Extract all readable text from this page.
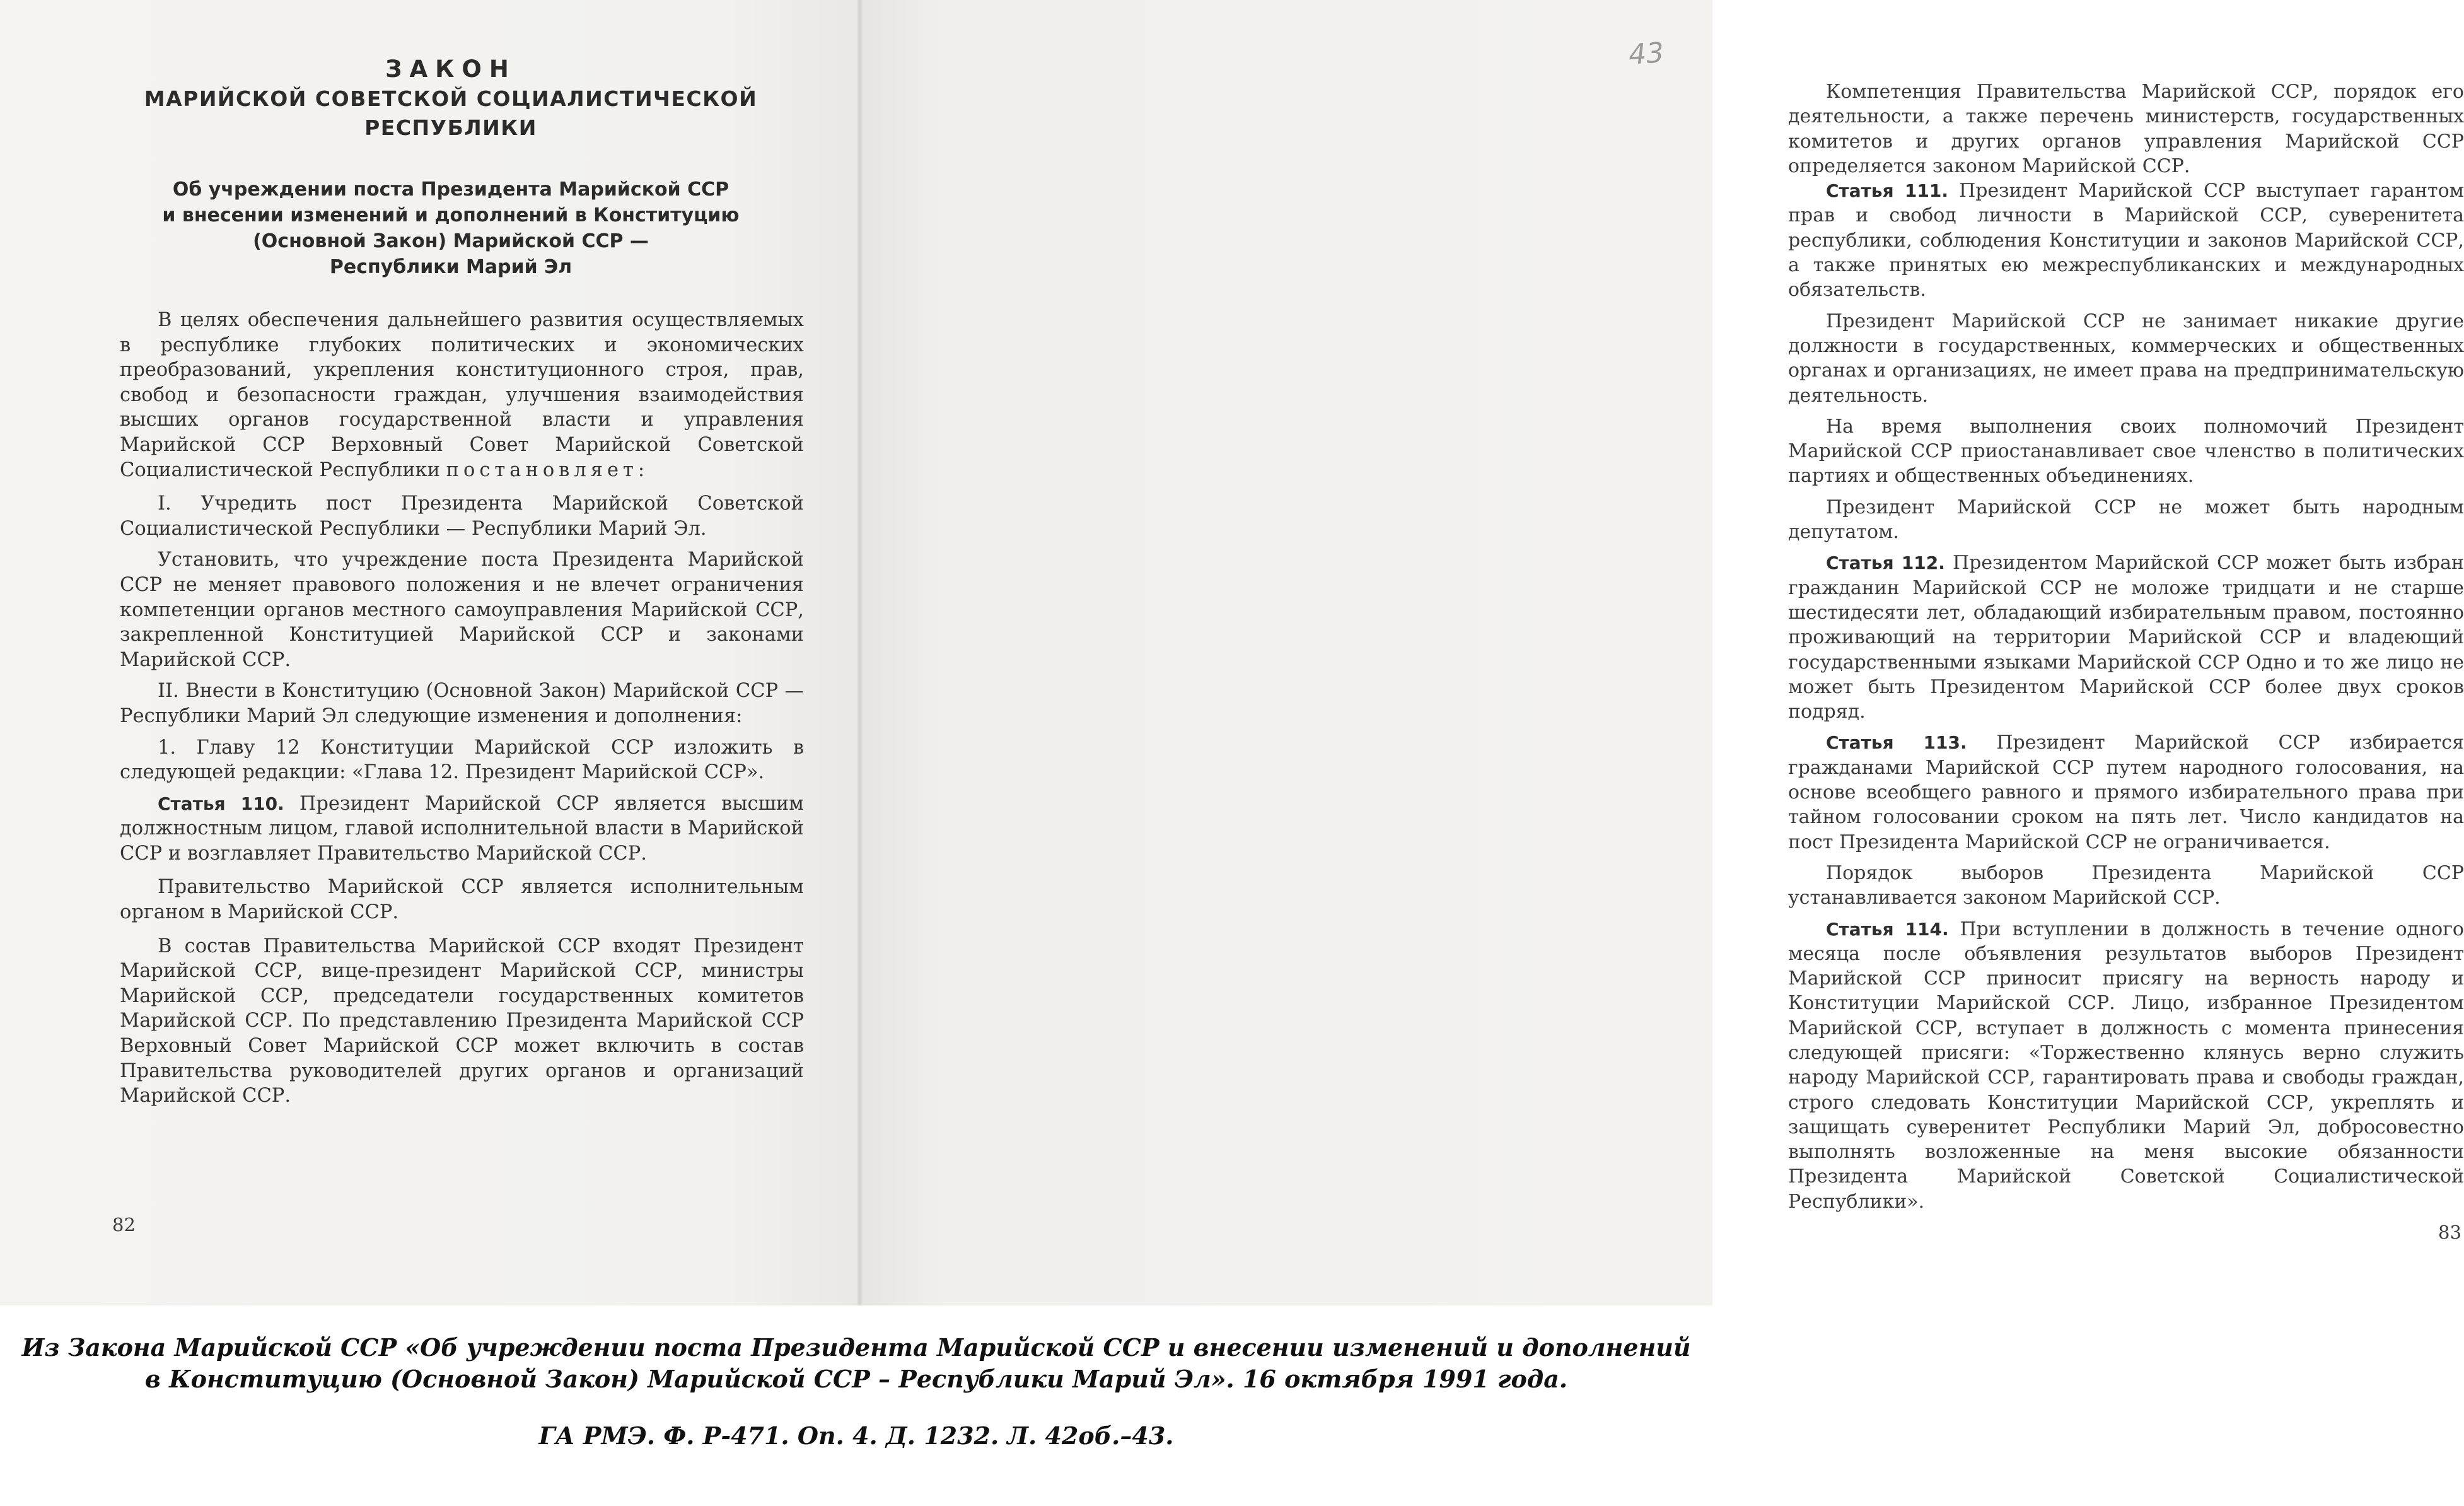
ЗАКОН
МАРИЙСКОЙ СОВЕТСКОЙ СОЦИАЛИСТИЧЕСКОЙ
РЕСПУБЛИКИ
Об учреждении поста Президента Марийской ССР
и внесении изменений и дополнений в Конституцию
(Основной Закон) Марийской ССР —
Республики Марий Эл

В целях обеспечения дальнейшего развития осуществляемых в республике глубоких политических и экономических преобразований, укрепления конституционного строя, прав, свобод и безопасности граждан, улучшения взаимодействия высших органов государственной власти и управления Марийской ССР Верховный Совет Марийской Советской Социалистической Республики постановляет:

I. Учредить пост Президента Марийской Советской Социалистической Республики — Республики Марий Эл.

Установить, что учреждение поста Президента Марийской ССР не меняет правового положения и не влечет ограничения компетенции органов местного самоуправления Марийской ССР, закрепленной Конституцией Марийской ССР и законами Марийской ССР.

II. Внести в Конституцию (Основной Закон) Марийской ССР — Республики Марий Эл следующие изменения и дополнения:

1. Главу 12 Конституции Марийской ССР изложить в следующей редакции: «Глава 12. Президент Марийской ССР».

Статья 110. Президент Марийской ССР является высшим должностным лицом, главой исполнительной власти в Марийской ССР и возглавляет Правительство Марийской ССР.

Правительство Марийской ССР является исполнительным органом в Марийской ССР.

В состав Правительства Марийской ССР входят Президент Марийской ССР, вице-президент Марийской ССР, министры Марийской ССР, председатели государственных комитетов Марийской ССР. По представлению Президента Марийской ССР Верховный Совет Марийской ССР может включить в состав Правительства руководителей других органов и организаций Марийской ССР.

82

Компетенция Правительства Марийской ССР, порядок его деятельности, а также перечень министерств, государственных комитетов и других органов управления Марийской ССР определяется законом Марийской ССР.

Статья 111. Президент Марийской ССР выступает гарантом прав и свобод личности в Марийской ССР, суверенитета республики, соблюдения Конституции и законов Марийской ССР, а также принятых ею межреспубликанских и международных обязательств.

Президент Марийской ССР не занимает никакие другие должности в государственных, коммерческих и общественных органах и организациях, не имеет права на предпринимательскую деятельность.

На время выполнения своих полномочий Президент Марийской ССР приостанавливает свое членство в политических партиях и общественных объединениях.

Президент Марийской ССР не может быть народным депутатом.

Статья 112. Президентом Марийской ССР может быть избран гражданин Марийской ССР не моложе тридцати и не старше шестидесяти лет, обладающий избирательным правом, постоянно проживающий на территории Марийской ССР и владеющий государственными языками Марийской ССР Одно и то же лицо не может быть Президентом Марийской ССР более двух сроков подряд.

Статья 113. Президент Марийской ССР избирается гражданами Марийской ССР путем народного голосования, на основе всеобщего равного и прямого избирательного права при тайном голосовании сроком на пять лет. Число кандидатов на пост Президента Марийской ССР не ограничивается.

Порядок выборов Президента Марийской ССР устанавливается законом Марийской ССР.

Статья 114. При вступлении в должность в течение одного месяца после объявления результатов выборов Президент Марийской ССР приносит присягу на верность народу и Конституции Марийской ССР. Лицо, избранное Президентом Марийской ССР, вступает в должность с момента принесения следующей присяги: «Торжественно клянусь верно служить народу Марийской ССР, гарантировать права и свободы граждан, строго следовать Конституции Марийской ССР, укреплять и защищать суверенитет Республики Марий Эл, добросовестно выполнять возложенные на меня высокие обязанности Президента Марийской Советской Социалистической Республики».

83
43
Из Закона Марийской ССР «Об учреждении поста Президента Марийской ССР и внесении изменений и дополнений в Конституцию (Основной Закон) Марийской ССР – Республики Марий Эл». 16 октября 1991 года.
ГА РМЭ. Ф. Р-471. Оп. 4. Д. 1232. Л. 42об.–43.
